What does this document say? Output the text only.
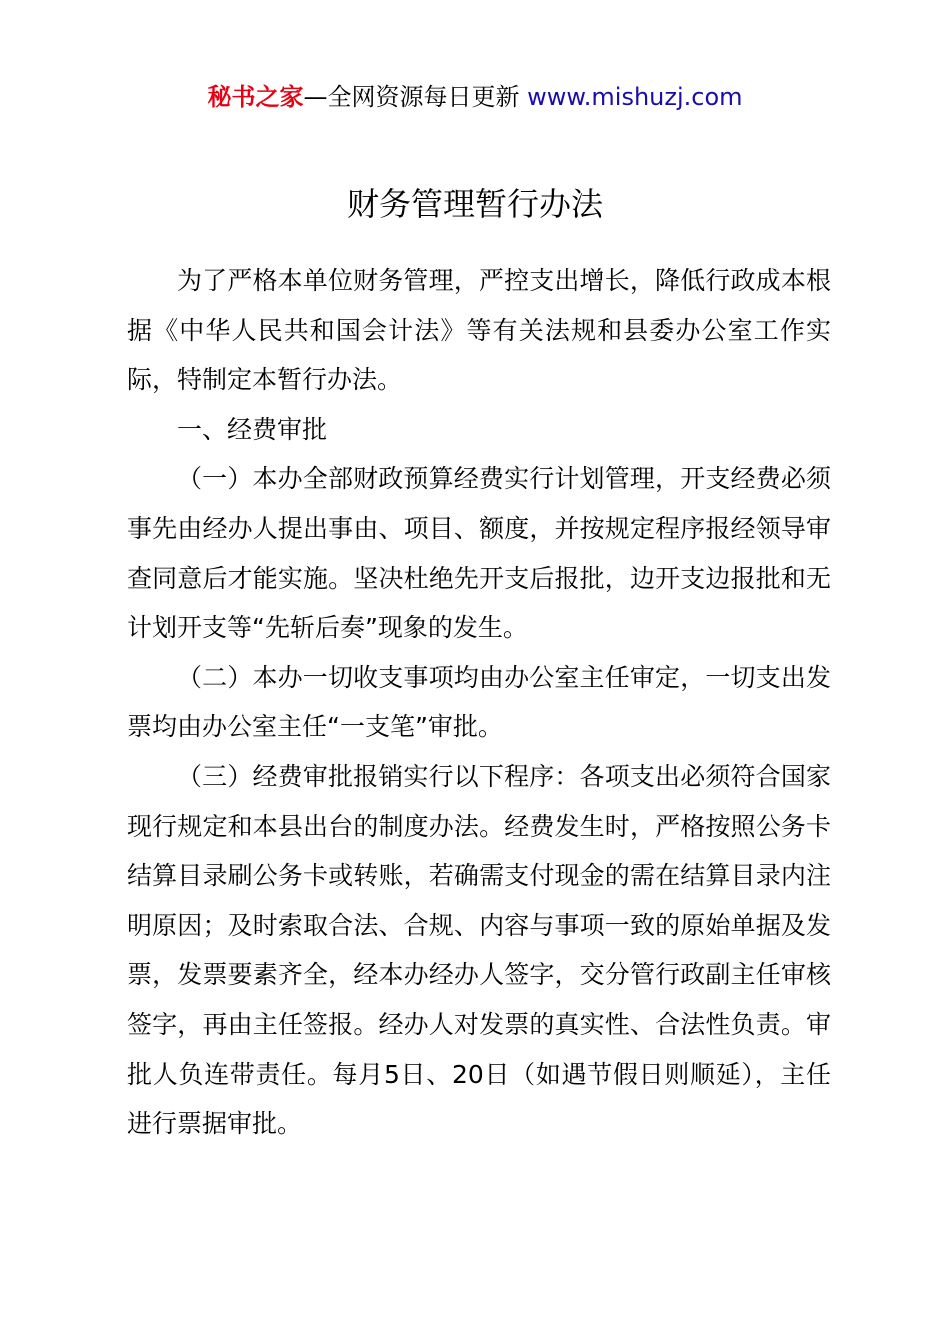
秘书之家—全网资源每日更新 www.mishuzj.com
财务管理暂行办法

为了严格本单位财务管理，严控支出增长，降低行政成本根据《中华人民共和国会计法》等有关法规和县委办公室工作实际，特制定本暂行办法。

一、经费审批

（一）本办全部财政预算经费实行计划管理，开支经费必须事先由经办人提出事由、项目、额度，并按规定程序报经领导审查同意后才能实施。坚决杜绝先开支后报批，边开支边报批和无计划开支等“先斩后奏”现象的发生。

（二）本办一切收支事项均由办公室主任审定，一切支出发票均由办公室主任“一支笔”审批。

（三）经费审批报销实行以下程序：各项支出必须符合国家现行规定和本县出台的制度办法。经费发生时，严格按照公务卡结算目录刷公务卡或转账，若确需支付现金的需在结算目录内注明原因；及时索取合法、合规、内容与事项一致的原始单据及发票，发票要素齐全，经本办经办人签字，交分管行政副主任审核签字，再由主任签报。经办人对发票的真实性、合法性负责。审批人负连带责任。每月5日、20日（如遇节假日则顺延），主任进行票据审批。
